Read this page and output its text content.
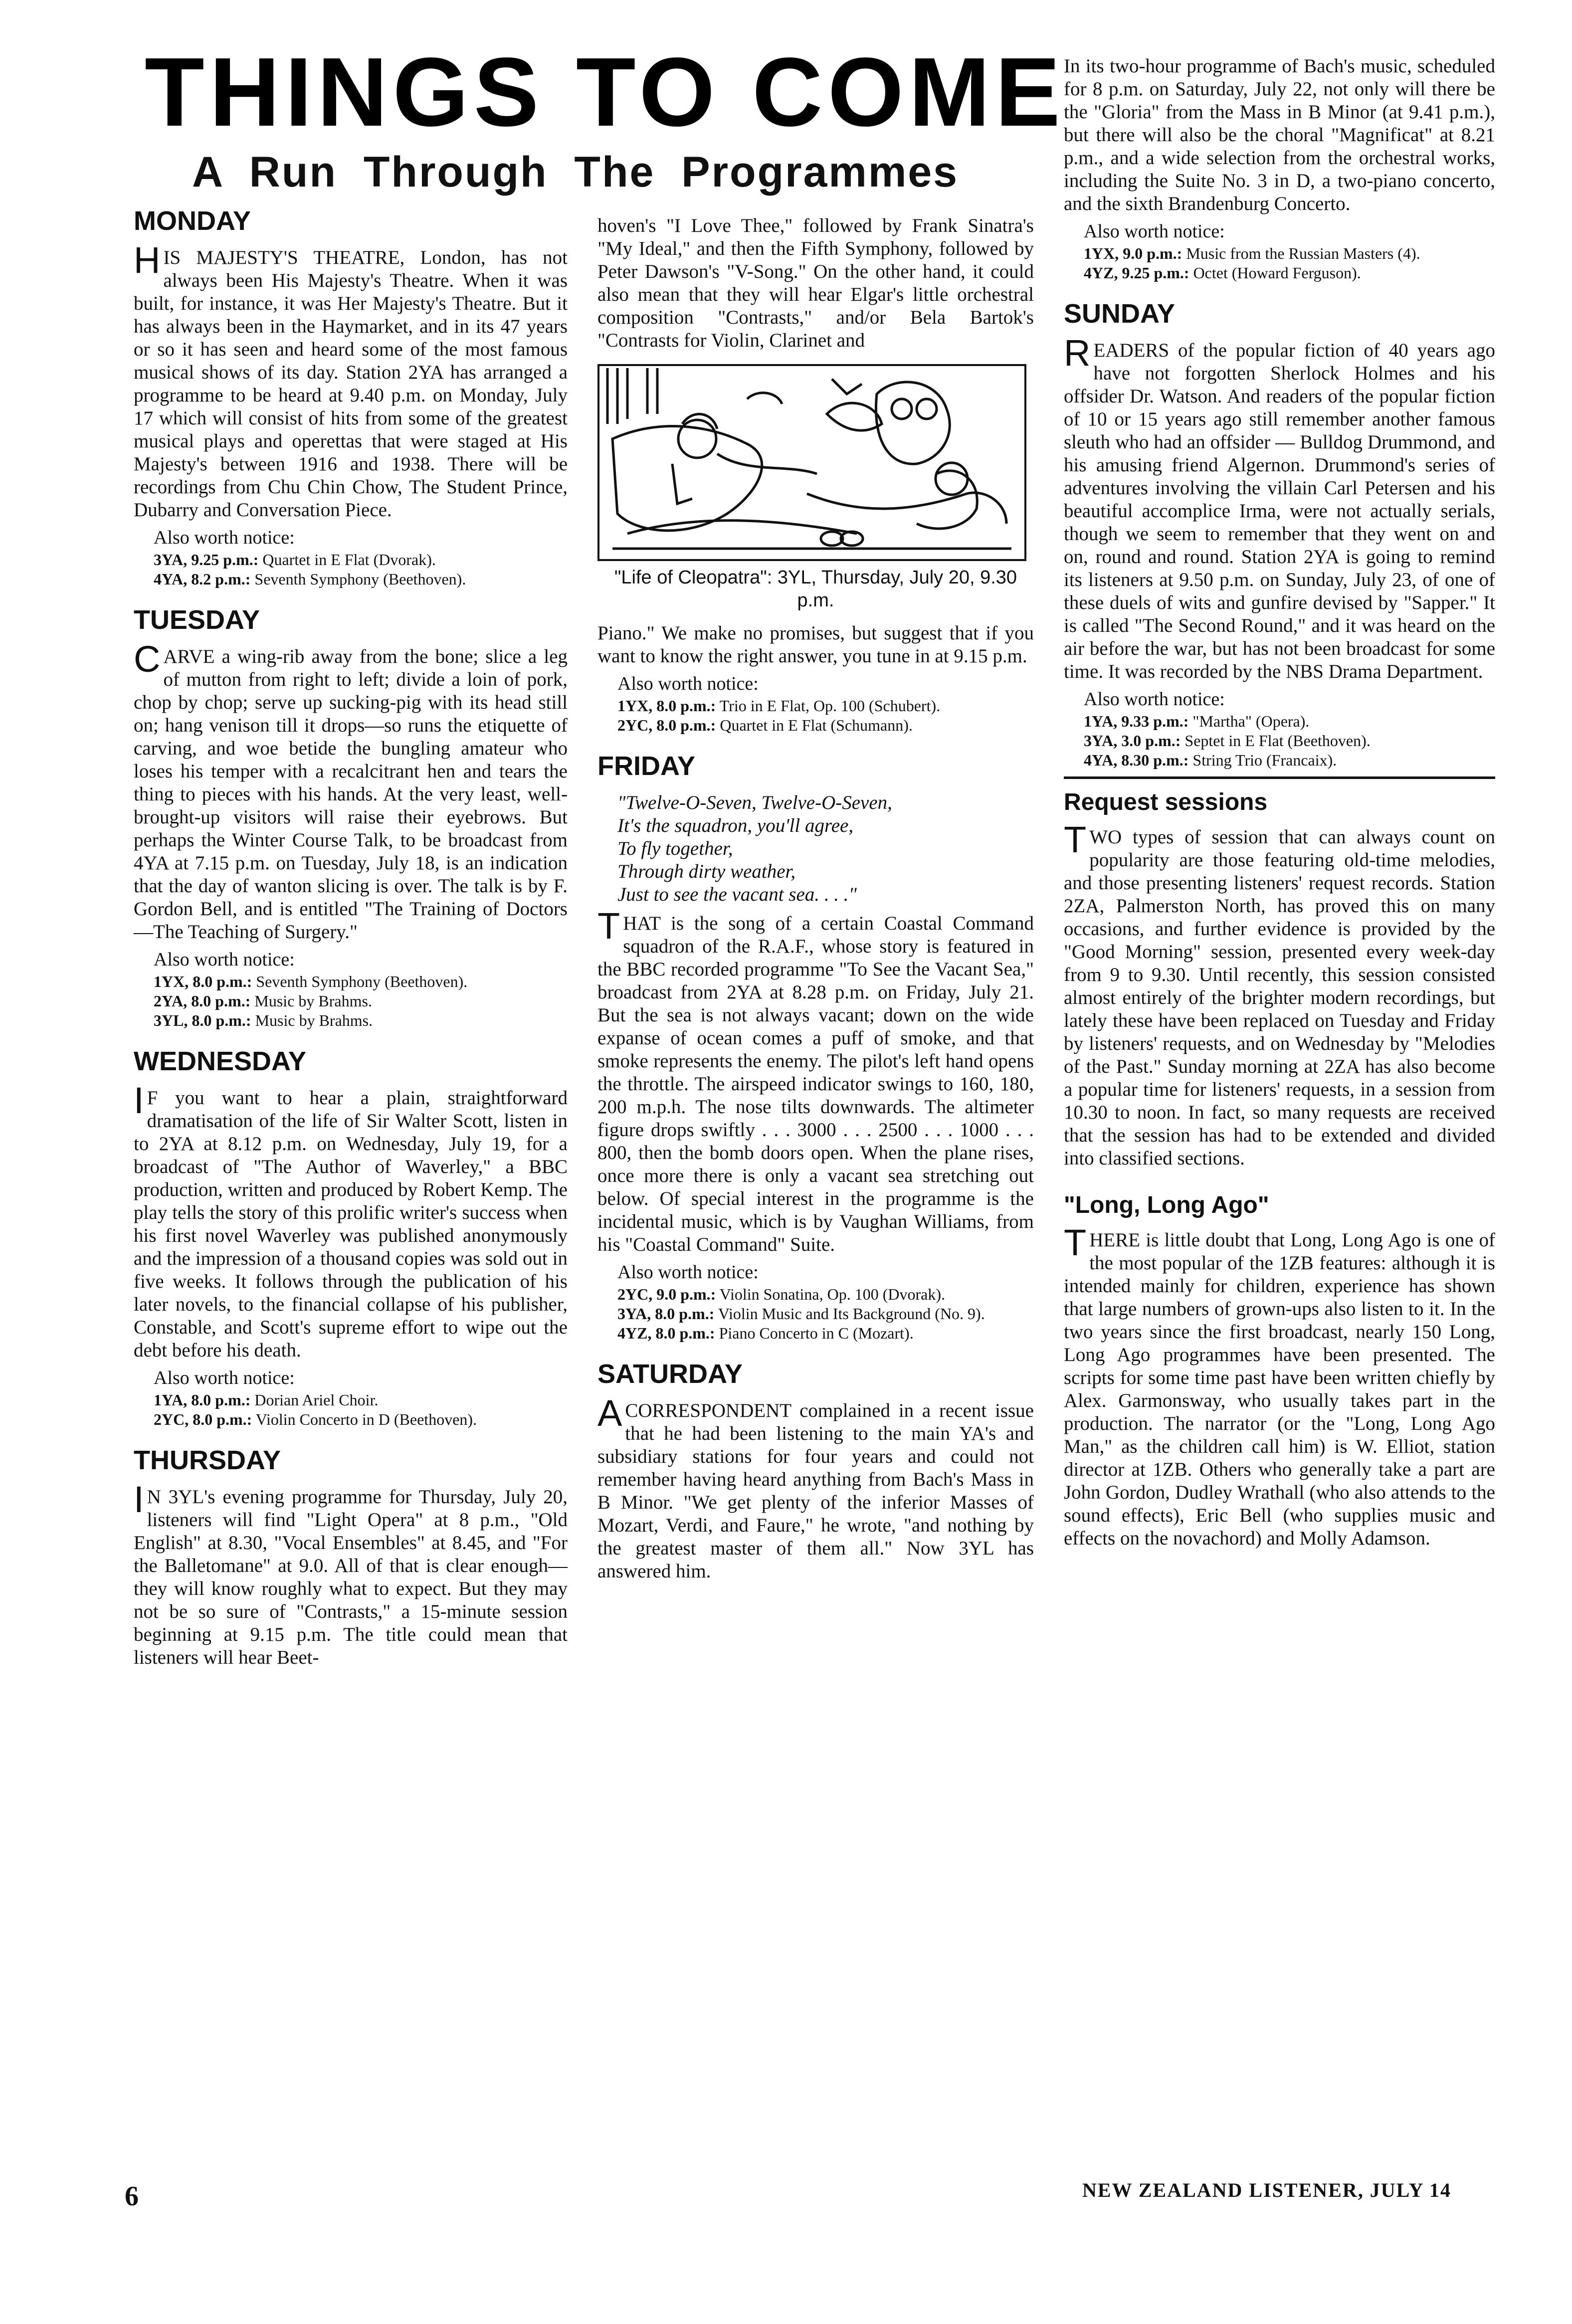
THINGS TO COME
A Run Through The Programmes
MONDAY

HIS MAJESTY'S THEATRE, London, has not always been His Majesty's Theatre. When it was built, for instance, it was Her Majesty's Theatre. But it has always been in the Haymarket, and in its 47 years or so it has seen and heard some of the most famous musical shows of its day. Station 2YA has arranged a programme to be heard at 9.40 p.m. on Monday, July 17 which will consist of hits from some of the greatest musical plays and operettas that were staged at His Majesty's between 1916 and 1938. There will be recordings from Chu Chin Chow, The Student Prince, Dubarry and Conversation Piece.

Also worth notice:
3YA, 9.25 p.m.: Quartet in E Flat (Dvorak).
4YA, 8.2 p.m.: Seventh Symphony (Beethoven).
TUESDAY

CARVE a wing-rib away from the bone; slice a leg of mutton from right to left; divide a loin of pork, chop by chop; serve up sucking-pig with its head still on; hang venison till it drops—so runs the etiquette of carving, and woe betide the bungling amateur who loses his temper with a recalcitrant hen and tears the thing to pieces with his hands. At the very least, well-brought-up visitors will raise their eyebrows. But perhaps the Winter Course Talk, to be broadcast from 4YA at 7.15 p.m. on Tuesday, July 18, is an indication that the day of wanton slicing is over. The talk is by F. Gordon Bell, and is entitled "The Training of Doctors—The Teaching of Surgery."

Also worth notice:
1YX, 8.0 p.m.: Seventh Symphony (Beethoven).
2YA, 8.0 p.m.: Music by Brahms.
3YL, 8.0 p.m.: Music by Brahms.
WEDNESDAY

I F you want to hear a plain, straightforward dramatisation of the life of Sir Walter Scott, listen in to 2YA at 8.12 p.m. on Wednesday, July 19, for a broadcast of "The Author of Waverley," a BBC production, written and produced by Robert Kemp. The play tells the story of this prolific writer's success when his first novel Waverley was published anonymously and the impression of a thousand copies was sold out in five weeks. It follows through the publication of his later novels, to the financial collapse of his publisher, Constable, and Scott's supreme effort to wipe out the debt before his death.

Also worth notice:
1YA, 8.0 p.m.: Dorian Ariel Choir.
2YC, 8.0 p.m.: Violin Concerto in D (Beethoven).
THURSDAY

I N 3YL's evening programme for Thursday, July 20, listeners will find "Light Opera" at 8 p.m., "Old English" at 8.30, "Vocal Ensembles" at 8.45, and "For the Balletomane" at 9.0. All of that is clear enough—they will know roughly what to expect. But they may not be so sure of "Contrasts," a 15-minute session beginning at 9.15 p.m. The title could mean that listeners will hear Beet-

hoven's "I Love Thee," followed by Frank Sinatra's "My Ideal," and then the Fifth Symphony, followed by Peter Dawson's "V-Song." On the other hand, it could also mean that they will hear Elgar's little orchestral composition "Contrasts," and/or Bela Bartok's "Contrasts for Violin, Clarinet and

"Life of Cleopatra": 3YL, Thursday, July 20, 9.30 p.m.

Piano." We make no promises, but suggest that if you want to know the right answer, you tune in at 9.15 p.m.

Also worth notice:
1YX, 8.0 p.m.: Trio in E Flat, Op. 100 (Schubert).
2YC, 8.0 p.m.: Quartet in E Flat (Schumann).
FRIDAY
"Twelve-O-Seven, Twelve-O-Seven,
It's the squadron, you'll agree,
To fly together,
Through dirty weather,
Just to see the vacant sea. . . ."

THAT is the song of a certain Coastal Command squadron of the R.A.F., whose story is featured in the BBC recorded programme "To See the Vacant Sea," broadcast from 2YA at 8.28 p.m. on Friday, July 21. But the sea is not always vacant; down on the wide expanse of ocean comes a puff of smoke, and that smoke represents the enemy. The pilot's left hand opens the throttle. The airspeed indicator swings to 160, 180, 200 m.p.h. The nose tilts downwards. The altimeter figure drops swiftly . . . 3000 . . . 2500 . . . 1000 . . . 800, then the bomb doors open. When the plane rises, once more there is only a vacant sea stretching out below. Of special interest in the programme is the incidental music, which is by Vaughan Williams, from his "Coastal Command" Suite.

Also worth notice:
2YC, 9.0 p.m.: Violin Sonatina, Op. 100 (Dvorak).
3YA, 8.0 p.m.: Violin Music and Its Background (No. 9).
4YZ, 8.0 p.m.: Piano Concerto in C (Mozart).
SATURDAY

ACORRESPONDENT complained in a recent issue that he had been listening to the main YA's and subsidiary stations for four years and could not remember having heard anything from Bach's Mass in B Minor. "We get plenty of the inferior Masses of Mozart, Verdi, and Faure," he wrote, "and nothing by the greatest master of them all." Now 3YL has answered him.

In its two-hour programme of Bach's music, scheduled for 8 p.m. on Saturday, July 22, not only will there be the "Gloria" from the Mass in B Minor (at 9.41 p.m.), but there will also be the choral "Magnificat" at 8.21 p.m., and a wide selection from the orchestral works, including the Suite No. 3 in D, a two-piano concerto, and the sixth Brandenburg Concerto.

Also worth notice:
1YX, 9.0 p.m.: Music from the Russian Masters (4).
4YZ, 9.25 p.m.: Octet (Howard Ferguson).
SUNDAY

READERS of the popular fiction of 40 years ago have not forgotten Sherlock Holmes and his offsider Dr. Watson. And readers of the popular fiction of 10 or 15 years ago still remember another famous sleuth who had an offsider — Bulldog Drummond, and his amusing friend Algernon. Drummond's series of adventures involving the villain Carl Petersen and his beautiful accomplice Irma, were not actually serials, though we seem to remember that they went on and on, round and round. Station 2YA is going to remind its listeners at 9.50 p.m. on Sunday, July 23, of one of these duels of wits and gunfire devised by "Sapper." It is called "The Second Round," and it was heard on the air before the war, but has not been broadcast for some time. It was recorded by the NBS Drama Department.

Also worth notice:
1YA, 9.33 p.m.: "Martha" (Opera).
3YA, 3.0 p.m.: Septet in E Flat (Beethoven).
4YA, 8.30 p.m.: String Trio (Francaix).
Request sessions

TWO types of session that can always count on popularity are those featuring old-time melodies, and those presenting listeners' request records. Station 2ZA, Palmerston North, has proved this on many occasions, and further evidence is provided by the "Good Morning" session, presented every week-day from 9 to 9.30. Until recently, this session consisted almost entirely of the brighter modern recordings, but lately these have been replaced on Tuesday and Friday by listeners' requests, and on Wednesday by "Melodies of the Past." Sunday morning at 2ZA has also become a popular time for listeners' requests, in a session from 10.30 to noon. In fact, so many requests are received that the session has had to be extended and divided into classified sections.

"Long, Long Ago"

THERE is little doubt that Long, Long Ago is one of the most popular of the 1ZB features: although it is intended mainly for children, experience has shown that large numbers of grown-ups also listen to it. In the two years since the first broadcast, nearly 150 Long, Long Ago programmes have been presented. The scripts for some time past have been written chiefly by Alex. Garmonsway, who usually takes part in the production. The narrator (or the "Long, Long Ago Man," as the children call him) is W. Elliot, station director at 1ZB. Others who generally take a part are John Gordon, Dudley Wrathall (who also attends to the sound effects), Eric Bell (who supplies music and effects on the novachord) and Molly Adamson.

6	NEW ZEALAND LISTENER, JULY 14
